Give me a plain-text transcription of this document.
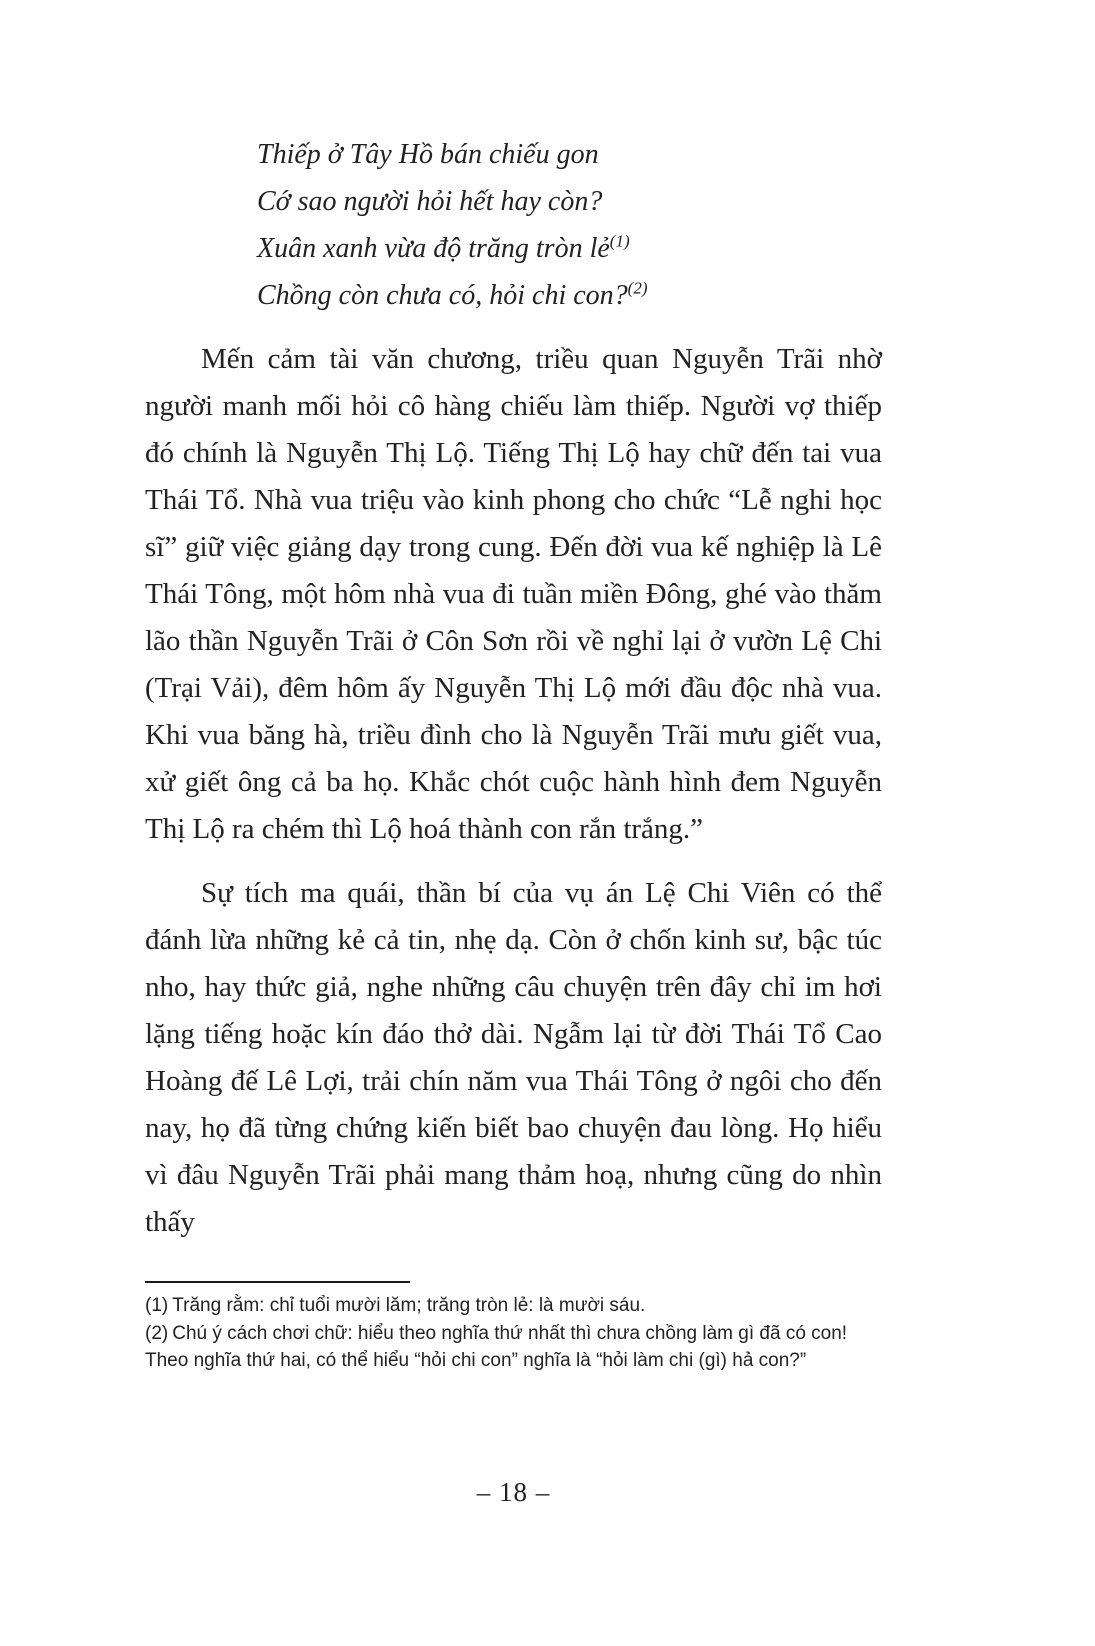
Thiếp ở Tây Hồ bán chiếu gon
Cớ sao người hỏi hết hay còn?
Xuân xanh vừa độ trăng tròn lẻ$^{(1)}$
Chồng còn chưa có, hỏi chi con?$^{(2)}$

Mến cảm tài văn chương, triều quan Nguyễn Trãi nhờ người manh mối hỏi cô hàng chiếu làm thiếp. Người vợ thiếp đó chính là Nguyễn Thị Lộ. Tiếng Thị Lộ hay chữ đến tai vua Thái Tổ. Nhà vua triệu vào kinh phong cho chức “Lễ nghi học sĩ” giữ việc giảng dạy trong cung. Đến đời vua kế nghiệp là Lê Thái Tông, một hôm nhà vua đi tuần miền Đông, ghé vào thăm lão thần Nguyễn Trãi ở Côn Sơn rồi về nghỉ lại ở vườn Lệ Chi (Trại Vải), đêm hôm ấy Nguyễn Thị Lộ mới đầu độc nhà vua. Khi vua băng hà, triều đình cho là Nguyễn Trãi mưu giết vua, xử giết ông cả ba họ. Khắc chót cuộc hành hình đem Nguyễn Thị Lộ ra chém thì Lộ hoá thành con rắn trắng.”

Sự tích ma quái, thần bí của vụ án Lệ Chi Viên có thể đánh lừa những kẻ cả tin, nhẹ dạ. Còn ở chốn kinh sư, bậc túc nho, hay thức giả, nghe những câu chuyện trên đây chỉ im hơi lặng tiếng hoặc kín đáo thở dài. Ngẫm lại từ đời Thái Tổ Cao Hoàng đế Lê Lợi, trải chín năm vua Thái Tông ở ngôi cho đến nay, họ đã từng chứng kiến biết bao chuyện đau lòng. Họ hiểu vì đâu Nguyễn Trãi phải mang thảm hoạ, nhưng cũng do nhìn thấy

(1) Trăng rằm: chỉ tuổi mười lăm; trăng tròn lẻ: là mười sáu.
(2) Chú ý cách chơi chữ: hiểu theo nghĩa thứ nhất thì chưa chồng làm gì đã có con! Theo nghĩa thứ hai, có thể hiểu “hỏi chi con” nghĩa là “hỏi làm chi (gì) hả con?”
– 18 –
